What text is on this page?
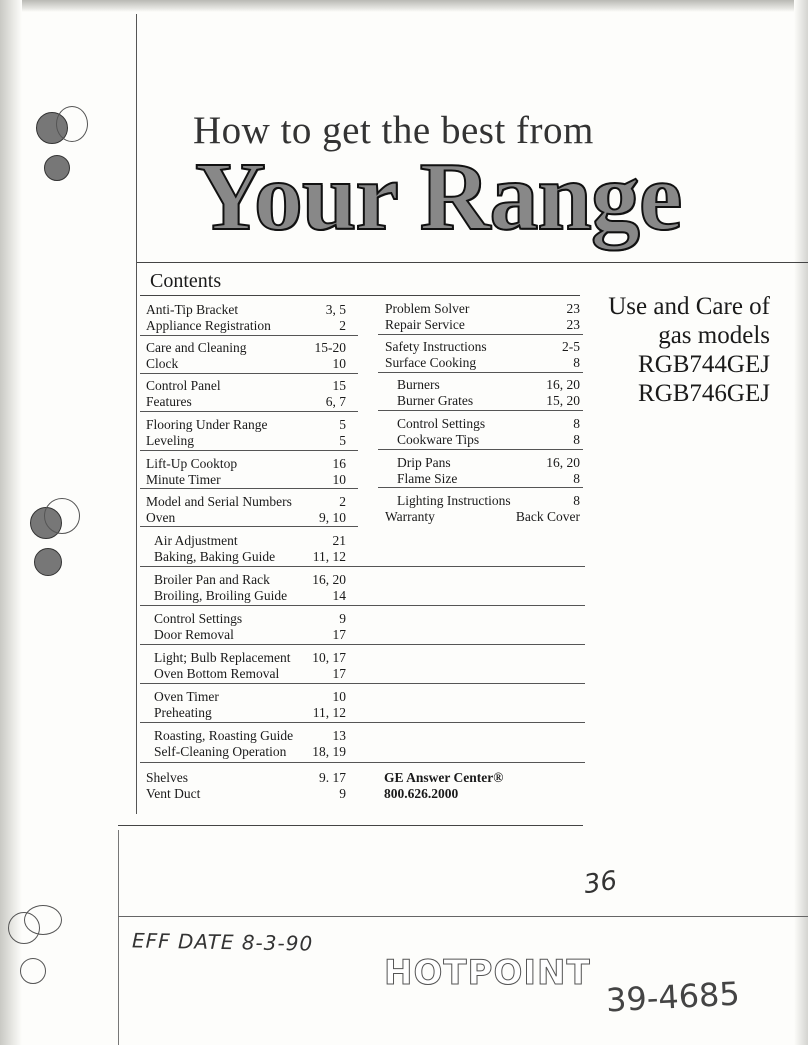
How to get the best from
Your Range
Contents
Anti-Tip Bracket	3, 5
Appliance Registration	2
Care and Cleaning	15-20
Clock	10
Control Panel	15
Features	6, 7
Flooring Under Range	5
Leveling	5
Lift-Up Cooktop	16
Minute Timer	10
Model and Serial Numbers	2
Oven	9, 10
Air Adjustment	21
Baking, Baking Guide	11, 12
Broiler Pan and Rack	16, 20
Broiling, Broiling Guide	14
Control Settings	9
Door Removal	17
Light; Bulb Replacement 10, 17
Oven Bottom Removal	17
Oven Timer	10
Preheating	11, 12
Roasting, Roasting Guide	13
Self-Cleaning Operation 18, 19
Shelves	9. 17
Vent Duct	9
Problem Solver	23
Repair Service	23
Safety Instructions	2-5
Surface Cooking	8
Burners	16, 20
Burner Grates	15, 20
Control Settings	8
Cookware Tips	8
Drip Pans	16, 20
Flame Size	8
Lighting Instructions	8
Warranty	Back Cover
Use and Care of
gas models
RGB744GEJ
RGB746GEJ
GE Answer Center®
800.626.2000
36
EFF DATE 8-3-90
39-4685
HOTPOINT
